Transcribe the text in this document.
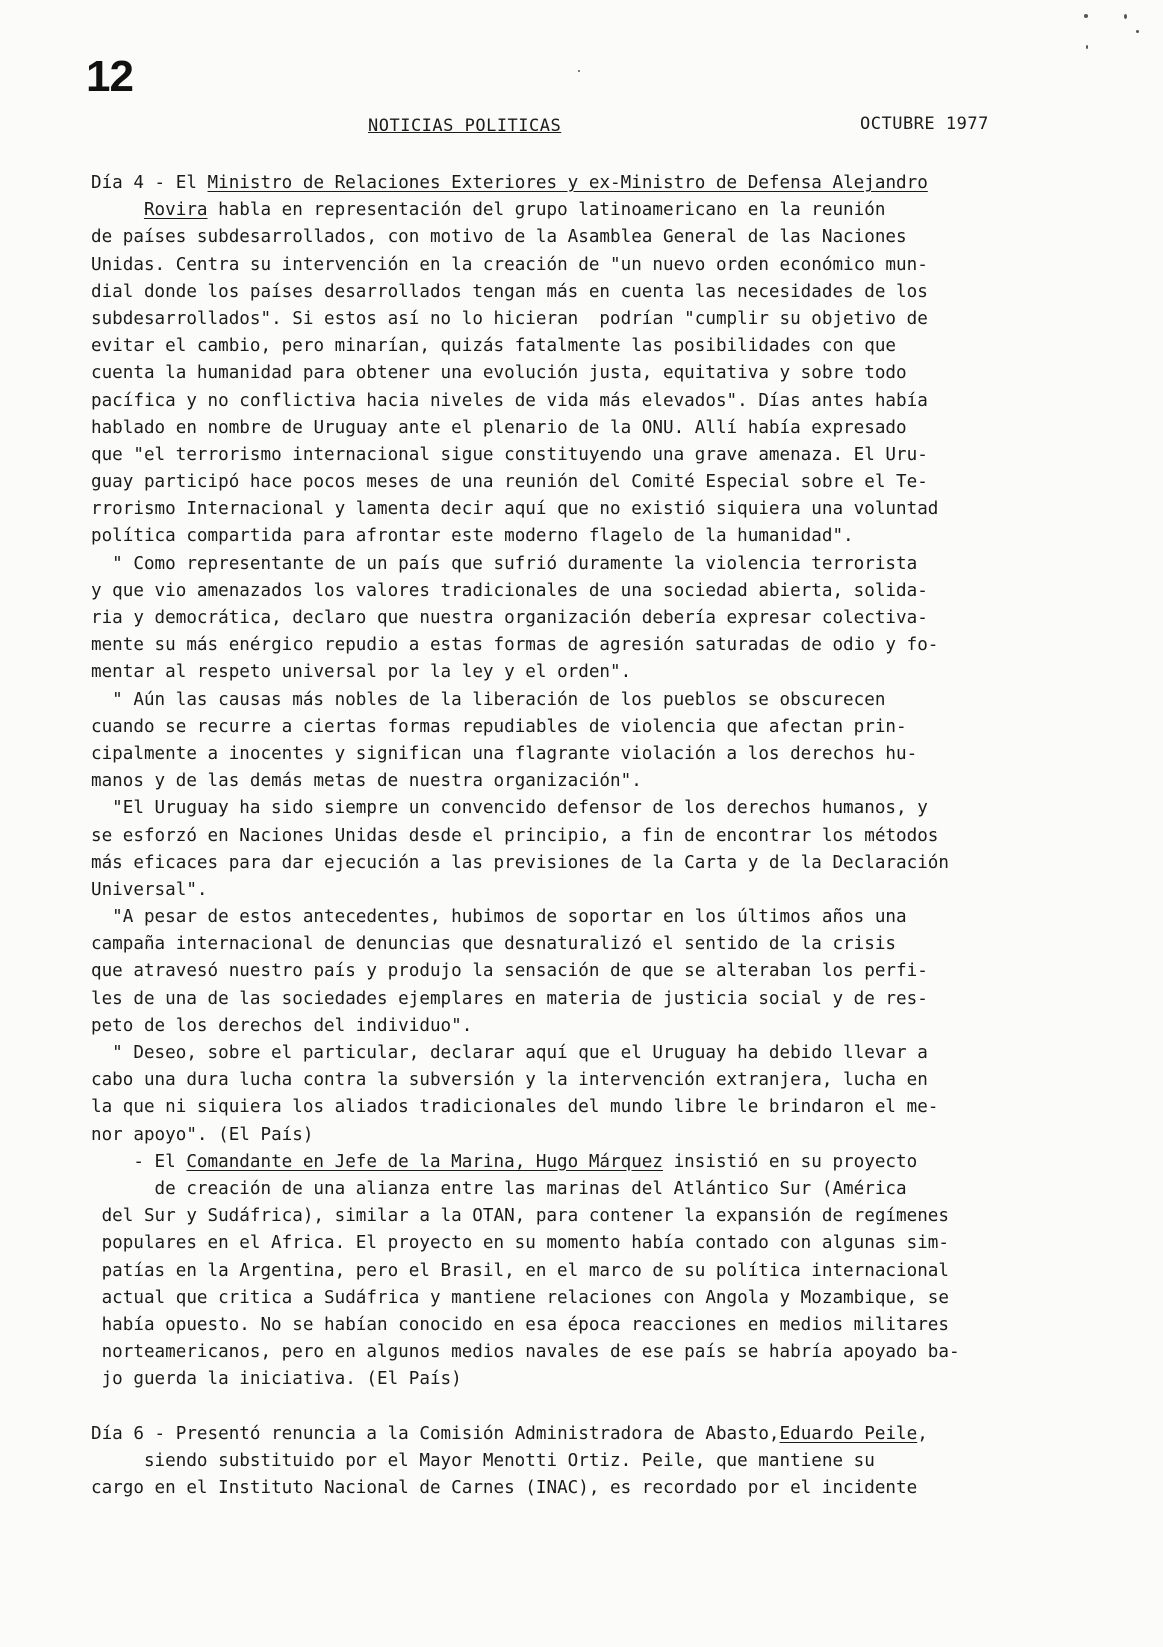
12
NOTICIAS POLITICAS	OCTUBRE 1977
Día 4 - El Ministro de Relaciones Exteriores y ex-Ministro de Defensa Alejandro
Rovira habla en representación del grupo latinoamericano en la reunión
de países subdesarrollados, con motivo de la Asamblea General de las Naciones
Unidas. Centra su intervención en la creación de "un nuevo orden económico mun-
dial donde los países desarrollados tengan más en cuenta las necesidades de los
subdesarrollados". Si estos así no lo hicieran  podrían "cumplir su objetivo de
evitar el cambio, pero minarían, quizás fatalmente las posibilidades con que
cuenta la humanidad para obtener una evolución justa, equitativa y sobre todo
pacífica y no conflictiva hacia niveles de vida más elevados". Días antes había
hablado en nombre de Uruguay ante el plenario de la ONU. Allí había expresado
que "el terrorismo internacional sigue constituyendo una grave amenaza. El Uru-
guay participó hace pocos meses de una reunión del Comité Especial sobre el Te-
rrorismo Internacional y lamenta decir aquí que no existió siquiera una voluntad
política compartida para afrontar este moderno flagelo de la humanidad".
" Como representante de un país que sufrió duramente la violencia terrorista
y que vio amenazados los valores tradicionales de una sociedad abierta, solida-
ria y democrática, declaro que nuestra organización debería expresar colectiva-
mente su más enérgico repudio a estas formas de agresión saturadas de odio y fo-
mentar al respeto universal por la ley y el orden".
" Aún las causas más nobles de la liberación de los pueblos se obscurecen
cuando se recurre a ciertas formas repudiables de violencia que afectan prin-
cipalmente a inocentes y significan una flagrante violación a los derechos hu-
manos y de las demás metas de nuestra organización".
"El Uruguay ha sido siempre un convencido defensor de los derechos humanos, y
se esforzó en Naciones Unidas desde el principio, a fin de encontrar los métodos
más eficaces para dar ejecución a las previsiones de la Carta y de la Declaración
Universal".
"A pesar de estos antecedentes, hubimos de soportar en los últimos años una
campaña internacional de denuncias que desnaturalizó el sentido de la crisis
que atravesó nuestro país y produjo la sensación de que se alteraban los perfi-
les de una de las sociedades ejemplares en materia de justicia social y de res-
peto de los derechos del individuo".
" Deseo, sobre el particular, declarar aquí que el Uruguay ha debido llevar a
cabo una dura lucha contra la subversión y la intervención extranjera, lucha en
la que ni siquiera los aliados tradicionales del mundo libre le brindaron el me-
nor apoyo". (El País)
- El Comandante en Jefe de la Marina, Hugo Márquez insistió en su proyecto
de creación de una alianza entre las marinas del Atlántico Sur (América
del Sur y Sudáfrica), similar a la OTAN, para contener la expansión de regímenes
populares en el Africa. El proyecto en su momento había contado con algunas sim-
patías en la Argentina, pero el Brasil, en el marco de su política internacional
actual que critica a Sudáfrica y mantiene relaciones con Angola y Mozambique, se
había opuesto. No se habían conocido en esa época reacciones en medios militares
norteamericanos, pero en algunos medios navales de ese país se habría apoyado ba-
jo guerda la iniciativa. (El País)
Día 6 - Presentó renuncia a la Comisión Administradora de Abasto,Eduardo Peile,
siendo substituido por el Mayor Menotti Ortiz. Peile, que mantiene su
cargo en el Instituto Nacional de Carnes (INAC), es recordado por el incidente
